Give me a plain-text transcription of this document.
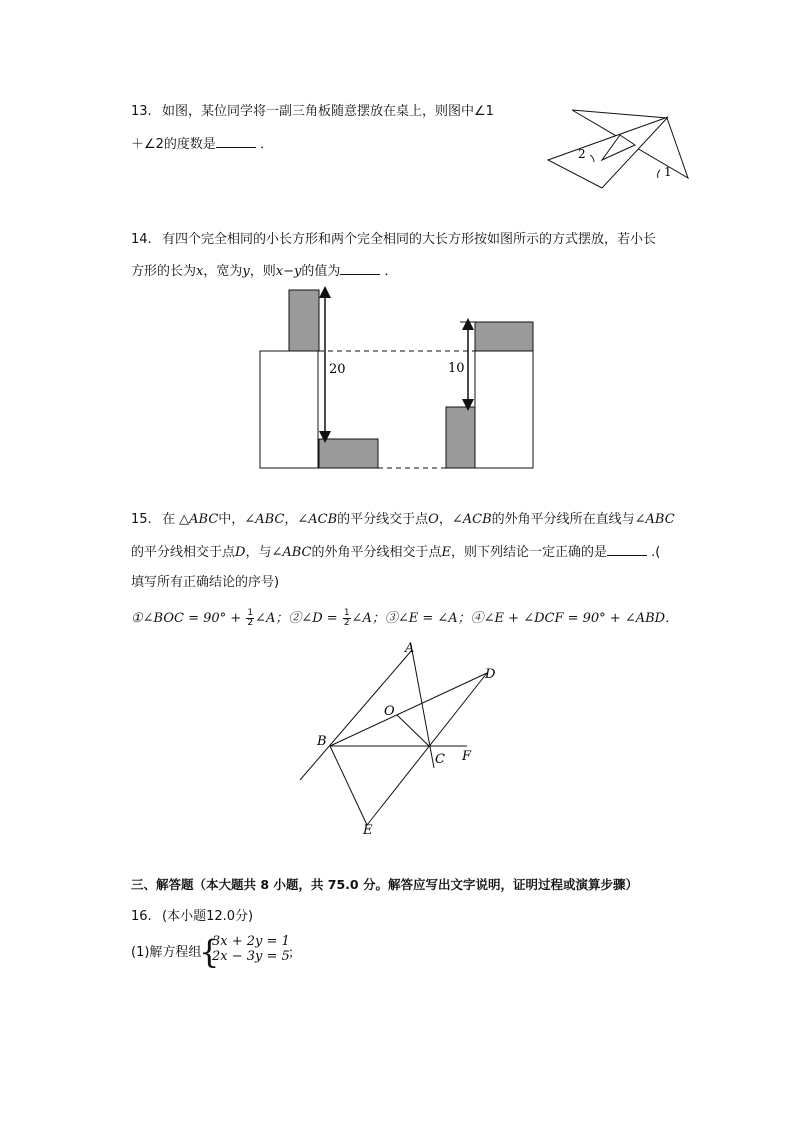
13. 如图，某位同学将一副三角板随意摆放在桌上，则图中∠1
＋∠2的度数是	．
2
1
14. 有四个完全相同的小长方形和两个完全相同的大长方形按如图所示的方式摆放，若小长
方形的长为x，宽为y，则x−y的值为	．
20	10
15. 在 △ABC中，∠ABC，∠ACB的平分线交于点O，∠ACB的外角平分线所在直线与∠ABC
的平分线相交于点D，与∠ABC的外角平分线相交于点E，则下列结论一定正确的是	.(
填写所有正确结论的序号)
①∠BOC = $90^\circ + \frac{1}{2}$ ∠A；②∠D = $\frac{1}{2}$ ∠A；③∠E = ∠A；④∠E + ∠DCF = 90° + ∠ABD．
A
D
O
B
C F
E
三、解答题（本大题共 8 小题，共 75.0 分。解答应写出文字说明，证明过程或演算步骤）
16. (本小题12.0分)
(1)解方程组
{
3x + 2y = 1
2x − 3y = 5
；
